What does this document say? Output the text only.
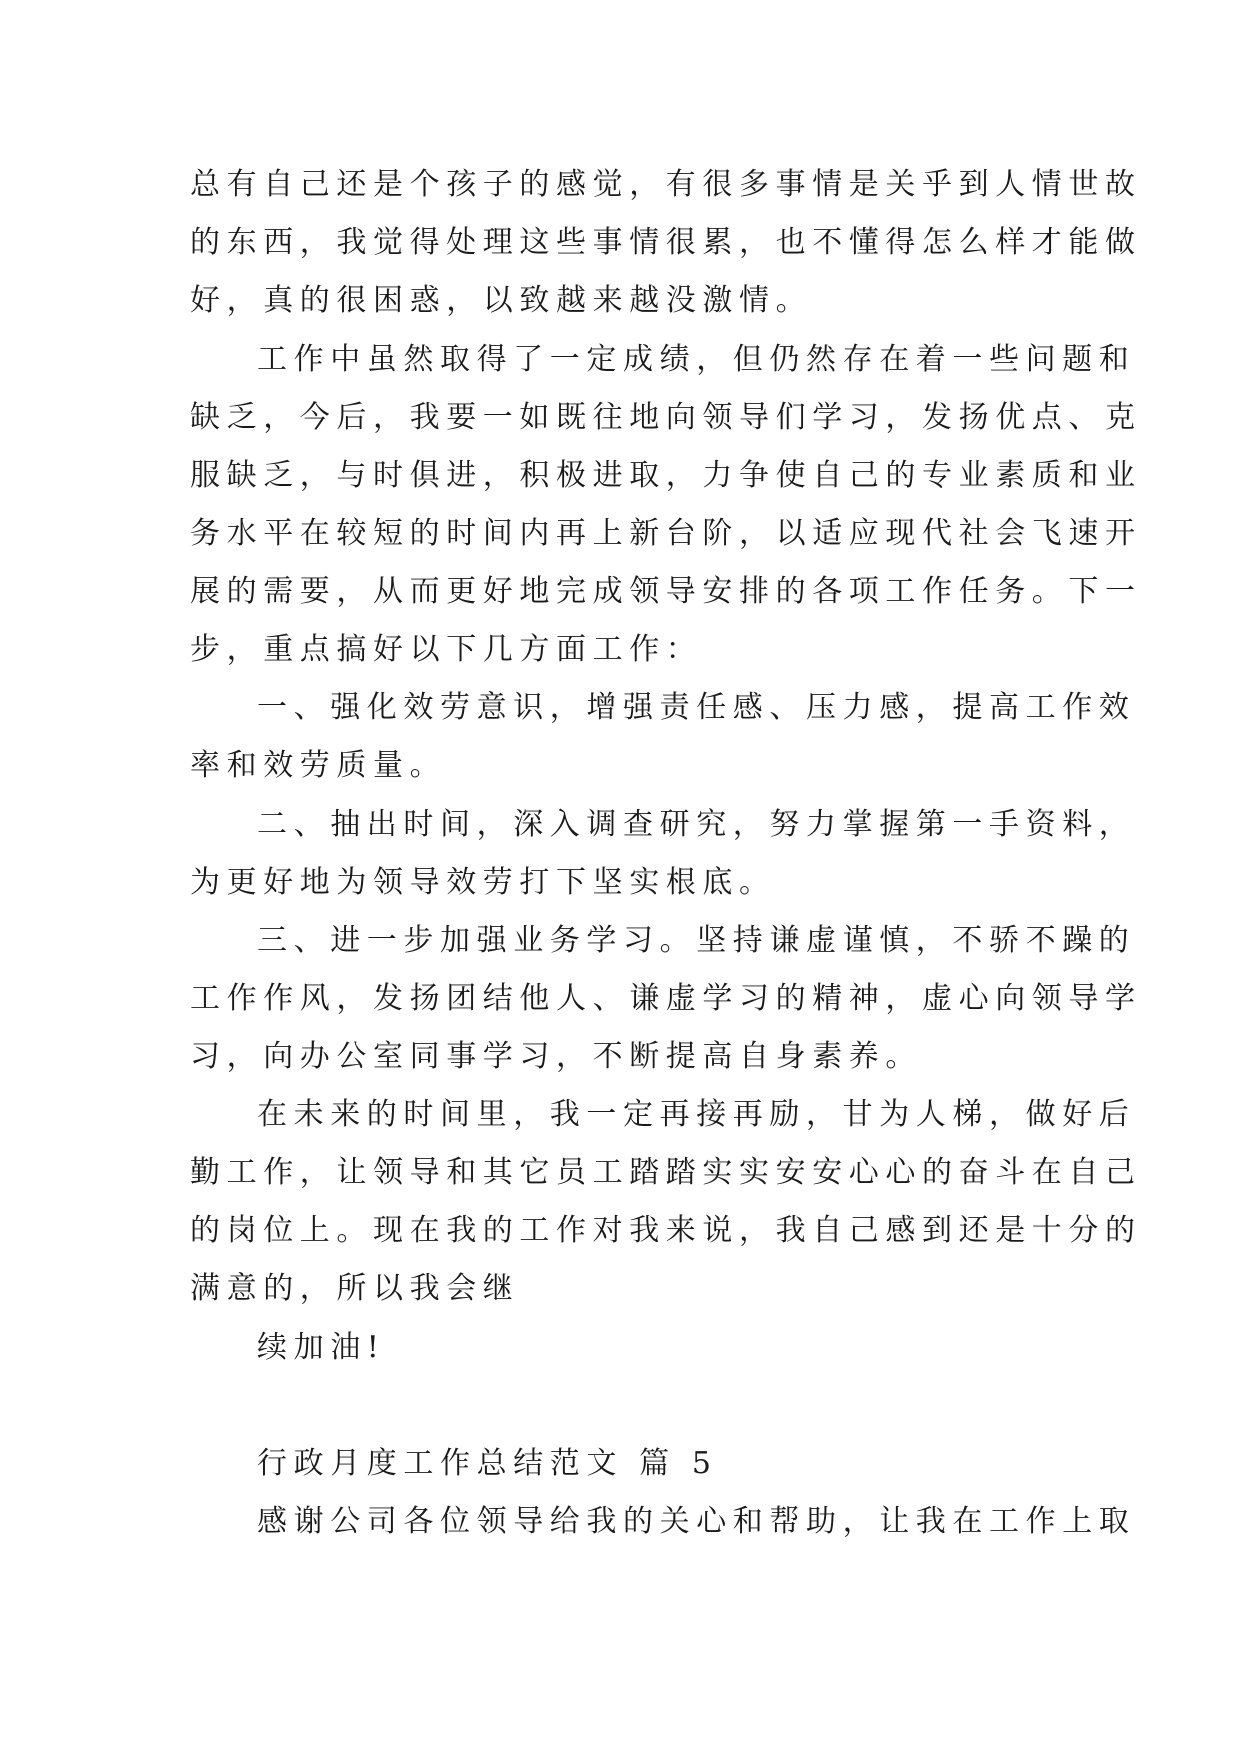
总有自己还是个孩子的感觉，有很多事情是关乎到人情世故
的东西，我觉得处理这些事情很累，也不懂得怎么样才能做
好，真的很困惑，以致越来越没激情。
工作中虽然取得了一定成绩，但仍然存在着一些问题和
缺乏，今后，我要一如既往地向领导们学习，发扬优点、克
服缺乏，与时俱进，积极进取，力争使自己的专业素质和业
务水平在较短的时间内再上新台阶，以适应现代社会飞速开
展的需要，从而更好地完成领导安排的各项工作任务。下一
步，重点搞好以下几方面工作：
一、强化效劳意识，增强责任感、压力感，提高工作效
率和效劳质量。
二、抽出时间，深入调查研究，努力掌握第一手资料，
为更好地为领导效劳打下坚实根底。
三、进一步加强业务学习。坚持谦虚谨慎，不骄不躁的
工作作风，发扬团结他人、谦虚学习的精神，虚心向领导学
习，向办公室同事学习，不断提高自身素养。
在未来的时间里，我一定再接再励，甘为人梯，做好后
勤工作，让领导和其它员工踏踏实实安安心心的奋斗在自己
的岗位上。现在我的工作对我来说，我自己感到还是十分的
满意的，所以我会继
续加油!
行政月度工作总结范文 篇 5
感谢公司各位领导给我的关心和帮助，让我在工作上取
